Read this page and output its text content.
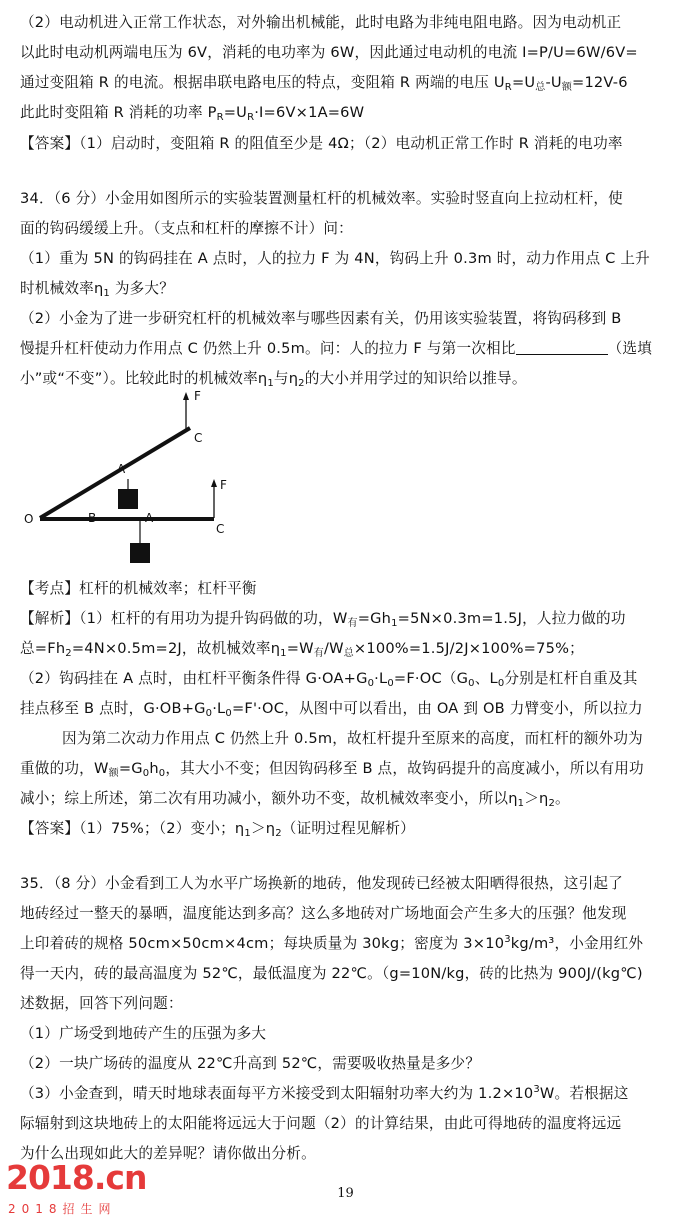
（2）电动机进入正常工作状态，对外输出机械能，此时电路为非纯电阻电路。因为电动机正
以此时电动机两端电压为 6V，消耗的电功率为 6W，因此通过电动机的电流 I=P/U=6W/6V=
通过变阻箱 R 的电流。根据串联电路电压的特点，变阻箱 R 两端的电压 $U_R=U_总-U_额=12V-6$
此此时变阻箱 R 消耗的功率 $P_R=U_R\cdot I=6V\times 1A=6W$
【答案】（1）启动时，变阻箱 R 的阻值至少是 4Ω；（2）电动机正常工作时 R 消耗的电功率
34．（6 分）小金用如图所示的实验装置测量杠杆的机械效率。实验时竖直向上拉动杠杆，使
面的钩码缓缓上升。（支点和杠杆的摩擦不计）问：
（1）重为 5N 的钩码挂在 A 点时，人的拉力 F 为 4N，钩码上升 0.3m 时，动力作用点 C 上升
时机械效率$\eta_1$ 为多大？
（2）小金为了进一步研究杠杆的机械效率与哪些因素有关，仍用该实验装置，将钩码移到 B
慢提升杠杆使动力作用点 C 仍然上升 0.5m。问：人的拉力 F 与第一次相比	（选填
小”或“不变”）。比较此时的机械效率$\eta_1$与$\eta_2$的大小并用学过的知识给以推导。
F
C
A
F
C
O	B	A
【考点】杠杆的机械效率；杠杆平衡
【解析】（1）杠杆的有用功为提升钩码做的功，$W_有=Gh_1=5N\times 0.3m=1.5J$，人拉力做的功
总$=Fh_2=4N\times 0.5m=2J$，故机械效率$\eta_1=W_有/W_总\times 100\%=1.5J/2J\times 100\%=75\%$；
（2）钩码挂在 A 点时，由杠杆平衡条件得 $G\cdot OA+G_0\cdot L_0=F\cdot OC(G_0$、$L_0$分别是杠杆自重及其
挂点移至 B 点时，$G\cdot OB+G_0\cdot L_0=F'\cdot OC$，从图中可以看出，由 OA 到 OB 力臂变小，所以拉力
因为第二次动力作用点 C 仍然上升 0.5m，故杠杆提升至原来的高度，而杠杆的额外功为
重做的功，$W_额=G_0h_0$，其大小不变；但因钩码移至 B 点，故钩码提升的高度减小，所以有用功
减小；综上所述，第二次有用功减小，额外功不变，故机械效率变小，所以$\eta_1>\eta_2$。
【答案】（1）75%；（2）变小；$\eta_1>\eta_2$（证明过程见解析）
35．（8 分）小金看到工人为水平广场换新的地砖，他发现砖已经被太阳晒得很热，这引起了
地砖经过一整天的暴晒，温度能达到多高？这么多地砖对广场地面会产生多大的压强？他发现
上印着砖的规格 50cm×50cm×4cm；每块质量为 30kg；密度为 $3\times 10^3kg/m^3$，小金用红外
得一天内，砖的最高温度为 52℃，最低温度为 22℃。（g=10N/kg，砖的比热为 900J/(kg℃)
述数据，回答下列问题：
（1）广场受到地砖产生的压强为多大
（2）一块广场砖的温度从 22℃升高到 52℃，需要吸收热量是多少？
（3）小金查到，晴天时地球表面每平方米接受到太阳辐射功率大约为 $1.2\times 10^3W$。若根据这
际辐射到这块地砖上的太阳能将远远大于问题（2）的计算结果，由此可得地砖的温度将远远
为什么出现如此大的差异呢？请你做出分析。
2018.cn
2018招生网
19
